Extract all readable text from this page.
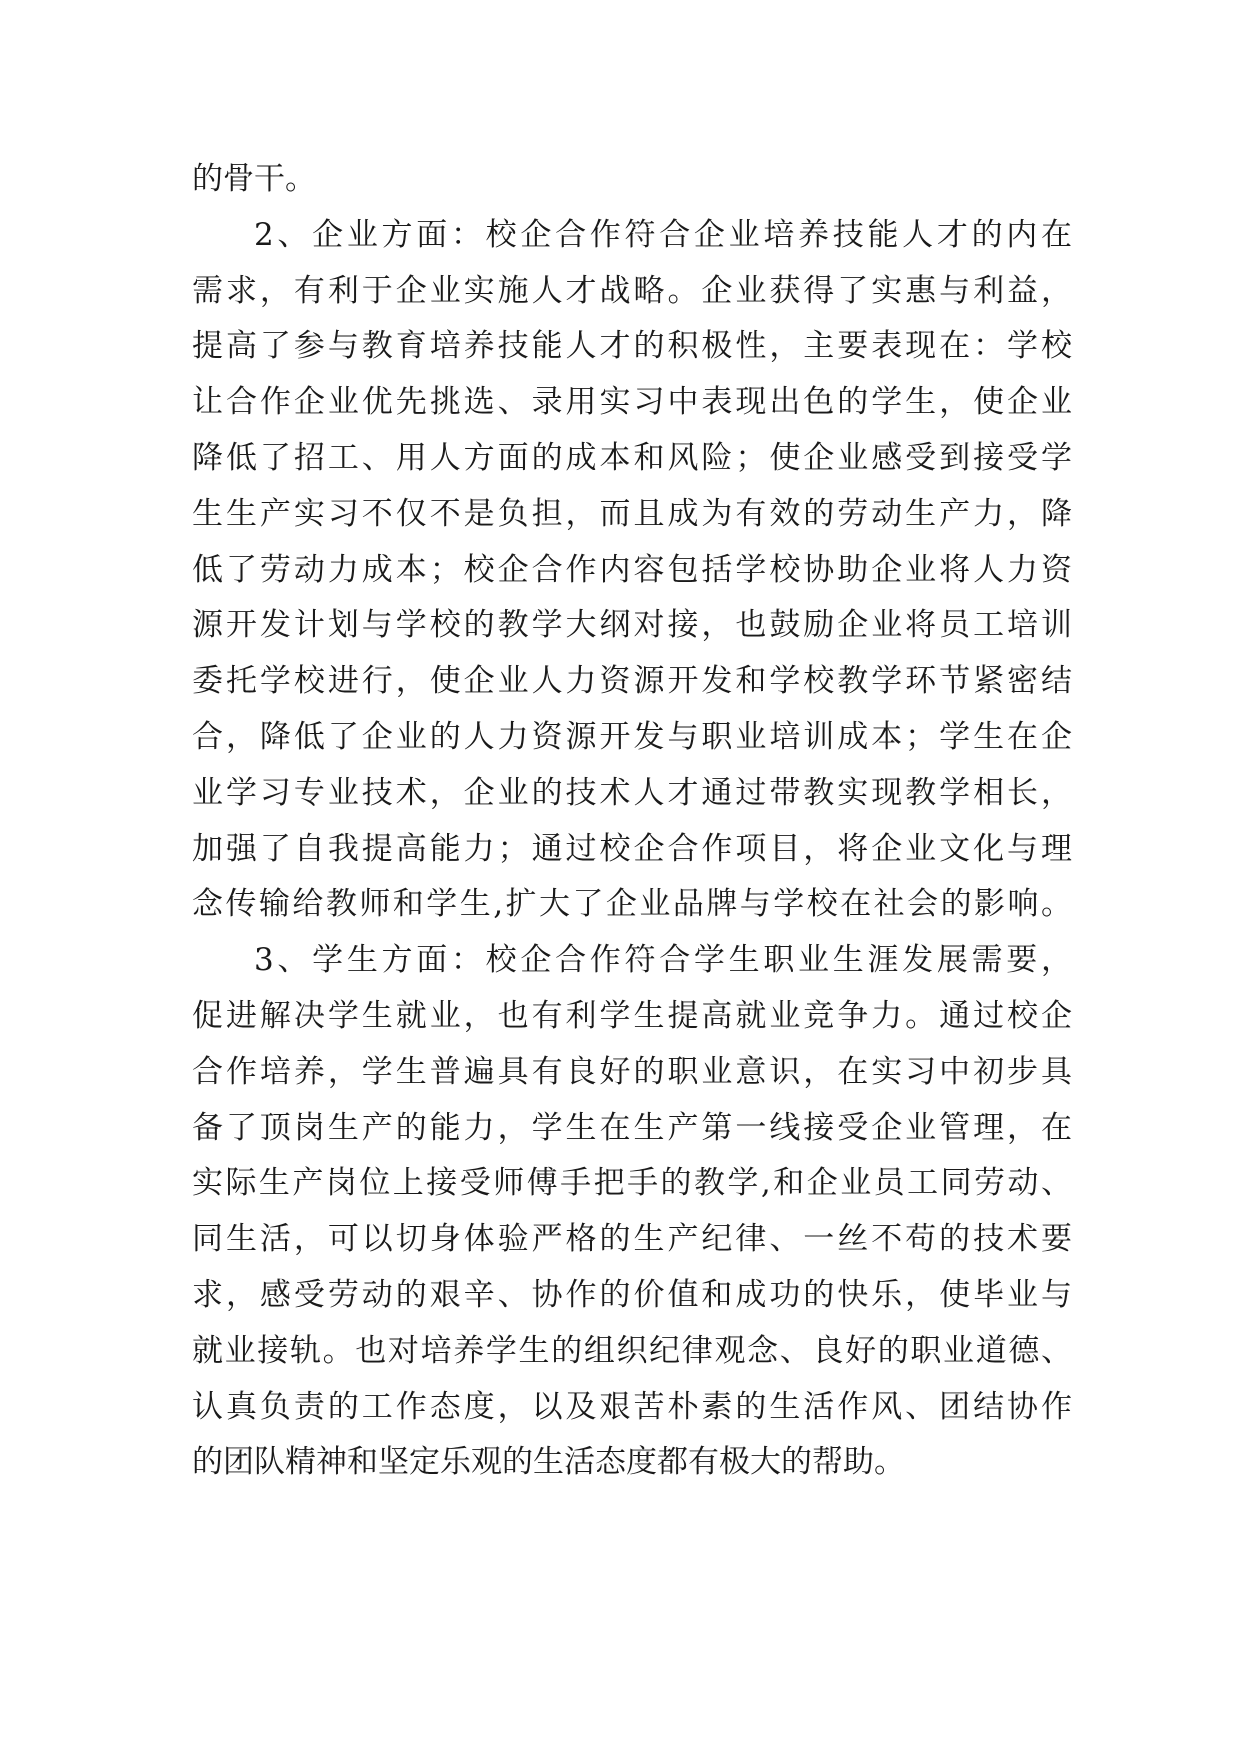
的骨干。
2、企业方面：校企合作符合企业培养技能人才的内在
需求，有利于企业实施人才战略。企业获得了实惠与利益，
提高了参与教育培养技能人才的积极性，主要表现在：学校
让合作企业优先挑选、录用实习中表现出色的学生，使企业
降低了招工、用人方面的成本和风险；使企业感受到接受学
生生产实习不仅不是负担，而且成为有效的劳动生产力，降
低了劳动力成本；校企合作内容包括学校协助企业将人力资
源开发计划与学校的教学大纲对接，也鼓励企业将员工培训
委托学校进行，使企业人力资源开发和学校教学环节紧密结
合，降低了企业的人力资源开发与职业培训成本；学生在企
业学习专业技术，企业的技术人才通过带教实现教学相长，
加强了自我提高能力；通过校企合作项目，将企业文化与理
念传输给教师和学生,扩大了企业品牌与学校在社会的影响。
3、学生方面：校企合作符合学生职业生涯发展需要，
促进解决学生就业，也有利学生提高就业竞争力。通过校企
合作培养，学生普遍具有良好的职业意识，在实习中初步具
备了顶岗生产的能力，学生在生产第一线接受企业管理，在
实际生产岗位上接受师傅手把手的教学,和企业员工同劳动、
同生活，可以切身体验严格的生产纪律、一丝不苟的技术要
求，感受劳动的艰辛、协作的价值和成功的快乐，使毕业与
就业接轨。也对培养学生的组织纪律观念、良好的职业道德、
认真负责的工作态度，以及艰苦朴素的生活作风、团结协作
的团队精神和坚定乐观的生活态度都有极大的帮助。
